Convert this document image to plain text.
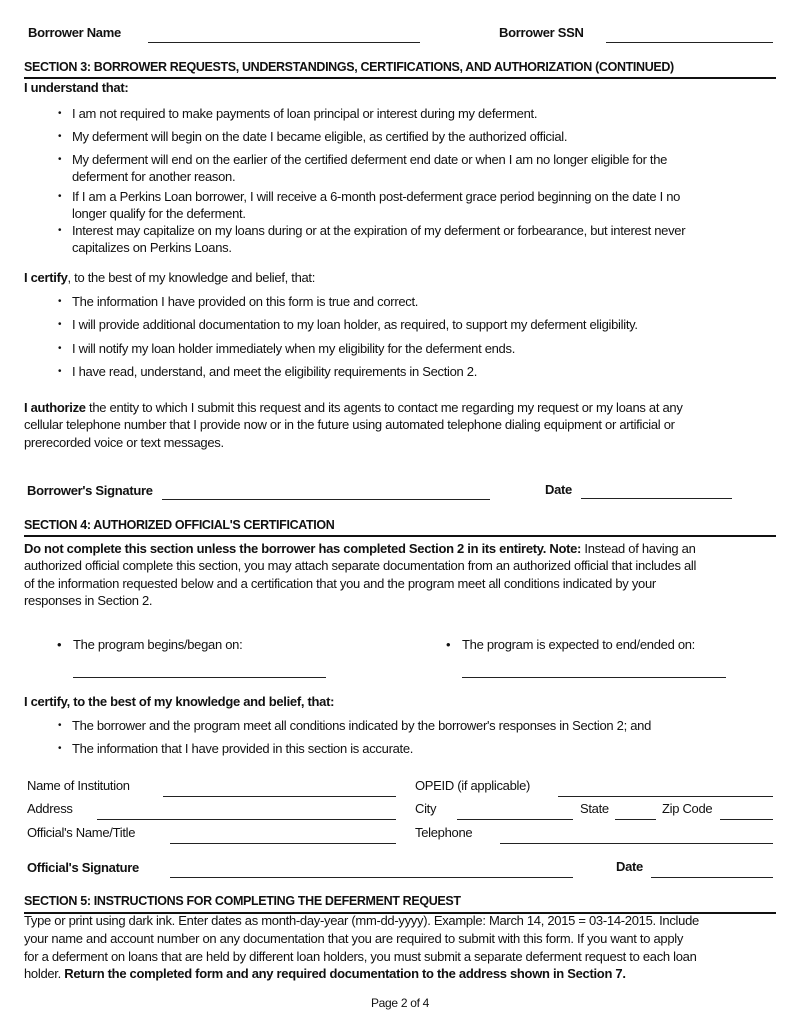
Borrower Name	Borrower SSN
SECTION 3: BORROWER REQUESTS, UNDERSTANDINGS, CERTIFICATIONS, AND AUTHORIZATION (CONTINUED)
I understand that:
• I am not required to make payments of loan principal or interest during my deferment.
• My deferment will begin on the date I became eligible, as certified by the authorized official.
• My deferment will end on the earlier of the certified deferment end date or when I am no longer eligible for the
deferment for another reason.
• If I am a Perkins Loan borrower, I will receive a 6-month post-deferment grace period beginning on the date I no
longer qualify for the deferment.
• Interest may capitalize on my loans during or at the expiration of my deferment or forbearance, but interest never
capitalizes on Perkins Loans.
I certify, to the best of my knowledge and belief, that:
• The information I have provided on this form is true and correct.
• I will provide additional documentation to my loan holder, as required, to support my deferment eligibility.
• I will notify my loan holder immediately when my eligibility for the deferment ends.
• I have read, understand, and meet the eligibility requirements in Section 2.
I authorize the entity to which I submit this request and its agents to contact me regarding my request or my loans at any
cellular telephone number that I provide now or in the future using automated telephone dialing equipment or artificial or
prerecorded voice or text messages.
Borrower's Signature	Date
SECTION 4: AUTHORIZED OFFICIAL'S CERTIFICATION
Do not complete this section unless the borrower has completed Section 2 in its entirety. Note: Instead of having an
authorized official complete this section, you may attach separate documentation from an authorized official that includes all
of the information requested below and a certification that you and the program meet all conditions indicated by your
responses in Section 2.
• The program begins/began on:	• The program is expected to end/ended on:
I certify, to the best of my knowledge and belief, that:
• The borrower and the program meet all conditions indicated by the borrower's responses in Section 2; and
• The information that I have provided in this section is accurate.
Name of Institution	OPEID (if applicable)
Address	City	State	Zip Code
Official's Name/Title	Telephone
Official's Signature	Date
SECTION 5: INSTRUCTIONS FOR COMPLETING THE DEFERMENT REQUEST
Type or print using dark ink. Enter dates as month-day-year (mm-dd-yyyy). Example: March 14, 2015 = 03-14-2015. Include
your name and account number on any documentation that you are required to submit with this form. If you want to apply
for a deferment on loans that are held by different loan holders, you must submit a separate deferment request to each loan
holder. Return the completed form and any required documentation to the address shown in Section 7.
Page 2 of 4
